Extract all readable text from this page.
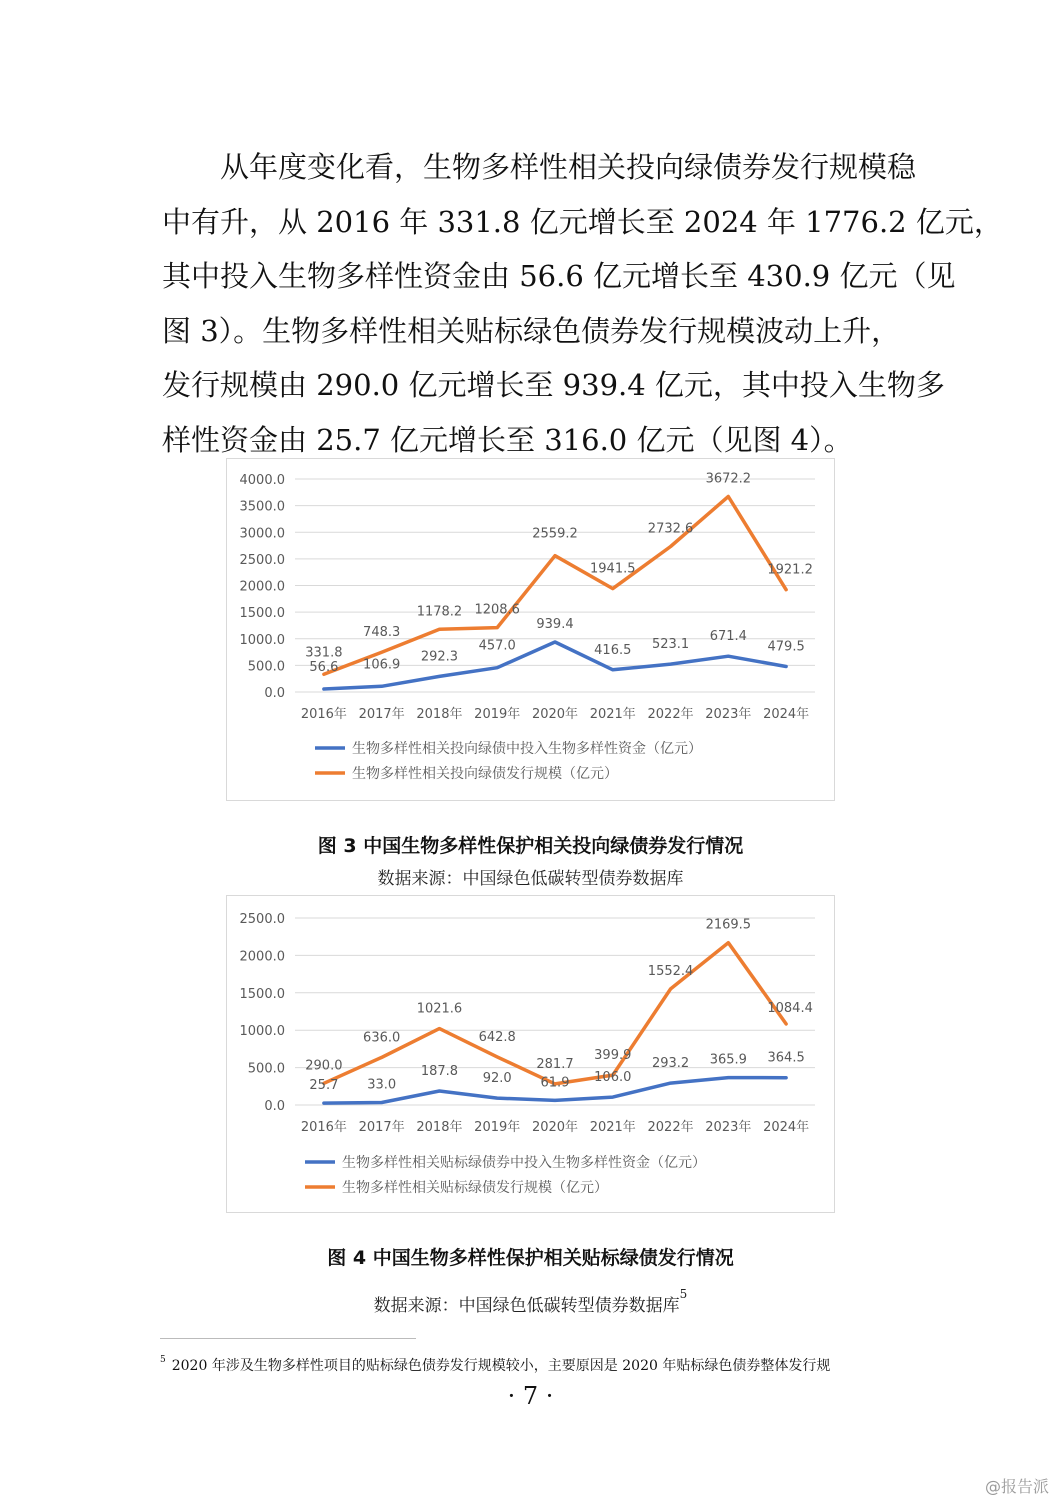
从年度变化看，生物多样性相关投向绿债券发行规模稳
中有升，从 2016 年 331.8 亿元增长至 2024 年 1776.2 亿元，
其中投入生物多样性资金由 56.6 亿元增长至 430.9 亿元（见
图 3）。生物多样性相关贴标绿色债券发行规模波动上升，
发行规模由 290.0 亿元增长至 939.4 亿元，其中投入生物多
样性资金由 25.7 亿元增长至 316.0 亿元（见图 4）。
0.0
500.0
1000.0
1500.0
2000.0
2500.0
3000.0
3500.0
4000.0
2016年 2017年 2018年 2019年 2020年 2021年 2022年 2023年 2024年
56.6 106.9
292.3
457.0
939.4
416.5 523.1
671.4
479.5
331.8
748.3
1178.2 1208.6
2559.2
1941.5
2732.6
3672.2
1921.2
生物多样性相关投向绿债中投入生物多样性资金（亿元）
生物多样性相关投向绿债发行规模（亿元）
图 3 中国生物多样性保护相关投向绿债券发行情况
数据来源：中国绿色低碳转型债券数据库
0.0
500.0
1000.0
1500.0
2000.0
2500.0
2016年 2017年 2018年 2019年 2020年 2021年 2022年 2023年 2024年
25.7 33.0
187.8 92.0 61.9 106.0
293.2 365.9 364.5
290.0
636.0
1021.6
642.8
281.7
399.9
1552.4
2169.5
1084.4
生物多样性相关贴标绿债券中投入生物多样性资金（亿元）
生物多样性相关贴标绿债发行规模（亿元）
图 4 中国生物多样性保护相关贴标绿债发行情况
数据来源：中国绿色低碳转型债券数据库$^5$
$^5$ 2020 年涉及生物多样性项目的贴标绿色债券发行规模较小，主要原因是 2020 年贴标绿色债券整体发行规
· 7 ·
@报告派
